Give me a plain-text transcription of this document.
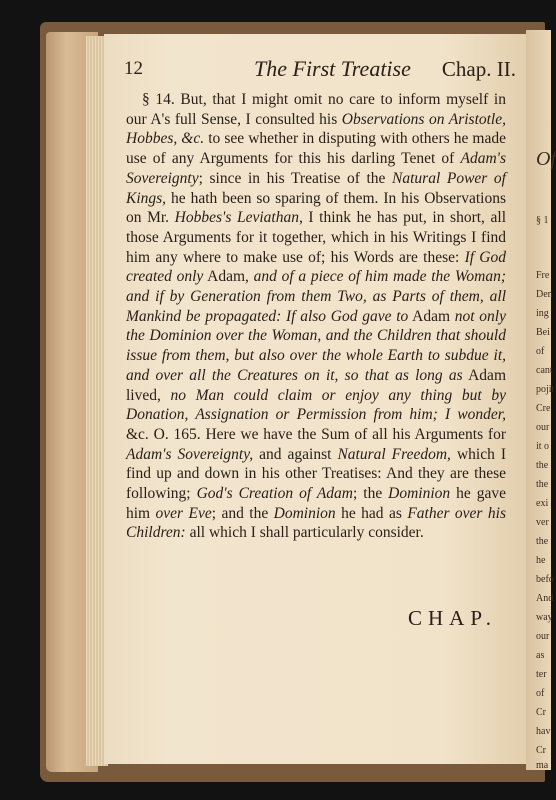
Of
§ 1
Fre
Den
ing
Bei
of
cant
pojit
Cre
our
it o
the
the
exi
ver
the
he
befo
And
way
our
as
ter
of
Cr
hav
Cr
ma
12	The First Treatise Chap. II.

§ 14. But, that I might omit no care to inform myself in our A's full Sense, I consulted his Observations on Aristotle, Hobbes, &c. to see whether in disputing with others he made use of any Arguments for this his darling Tenet of Adam's Sovereignty; since in his Treatise of the Natural Power of Kings, he hath been so sparing of them. In his Observations on Mr. Hobbes's Leviathan, I think he has put, in short, all those Arguments for it together, which in his Writings I find him any where to make use of; his Words are these: If God created only Adam, and of a piece of him made the Woman; and if by Generation from them Two, as Parts of them, all Mankind be propagated: If also God gave to Adam not only the Dominion over the Woman, and the Children that should issue from them, but also over the whole Earth to subdue it, and over all the Creatures on it, so that as long as Adam lived, no Man could claim or enjoy any thing but by Donation, Assignation or Permission from him; I wonder, &c. O. 165. Here we have the Sum of all his Arguments for Adam's Sovereignty, and against Natural Freedom, which I find up and down in his other Treatises: And they are these following; God's Creation of Adam; the Dominion he gave him over Eve; and the Dominion he had as Father over his Children: all which I shall particularly consider.

CHAP.
